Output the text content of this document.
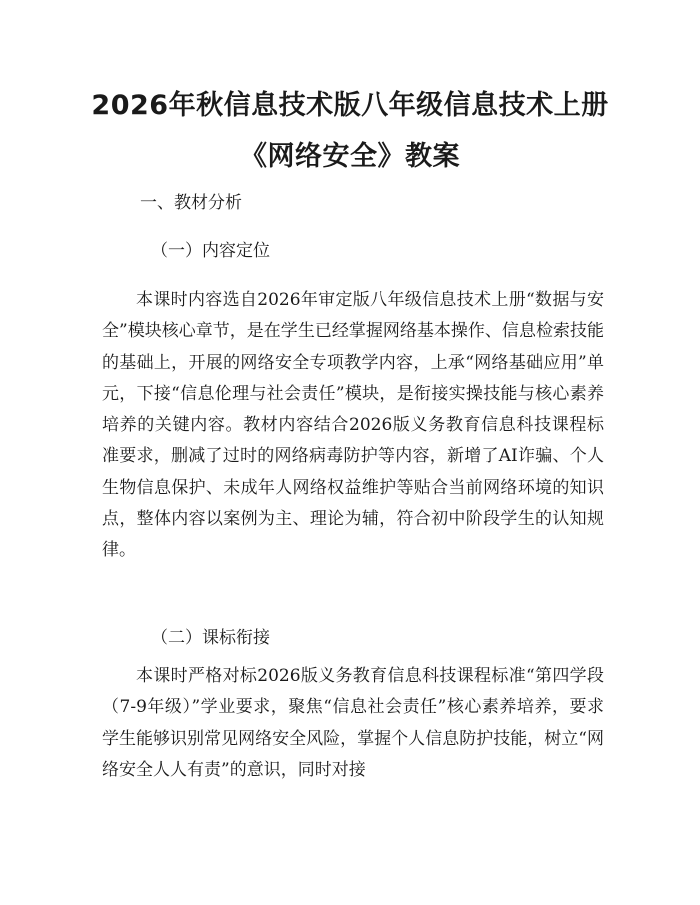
2026年秋信息技术版八年级信息技术上册
《网络安全》教案
一、教材分析
（一）内容定位

本课时内容选自2026年审定版八年级信息技术上册“数据与安全”模块核心章节，是在学生已经掌握网络基本操作、信息检索技能的基础上，开展的网络安全专项教学内容，上承“网络基础应用”单元，下接“信息伦理与社会责任”模块，是衔接实操技能与核心素养培养的关键内容。教材内容结合2026版义务教育信息科技课程标准要求，删减了过时的网络病毒防护等内容，新增了AI诈骗、个人生物信息保护、未成年人网络权益维护等贴合当前网络环境的知识点，整体内容以案例为主、理论为辅，符合初中阶段学生的认知规律。

（二）课标衔接

本课时严格对标2026版义务教育信息科技课程标准“第四学段（7-9年级）”学业要求，聚焦“信息社会责任”核心素养培养，要求学生能够识别常见网络安全风险，掌握个人信息防护技能，树立“网络安全人人有责”的意识，同时对接
